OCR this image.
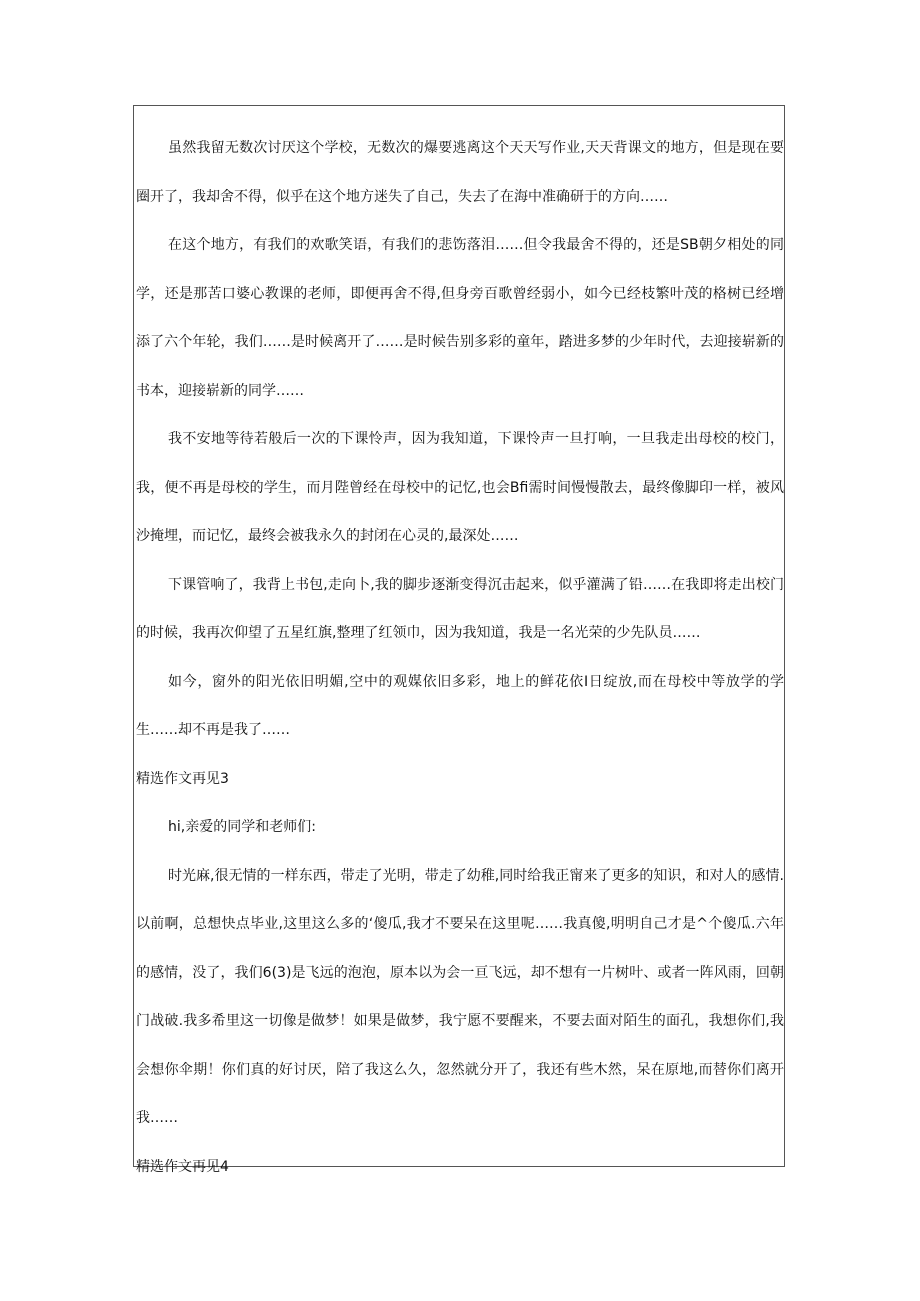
虽然我留无数次讨厌这个学校，无数次的爆要逃离这个天天写作业,天天背课文的地方，但是现在要圈开了，我却舍不得，似乎在这个地方迷失了自己，失去了在海中准确研于的方向……

在这个地方，有我们的欢歌笑语，有我们的悲饬落泪……但令我最舍不得的，还是SB朝夕相处的同学，还是那苦口婆心教课的老师，即便再舍不得,但身旁百歌曾经弱小，如今已经枝繁叶茂的格树已经增添了六个年轮，我们……是时候离开了……是时候告别多彩的童年，踏进多梦的少年时代，去迎接崭新的书本，迎接崭新的同学……

我不安地等待若般后一次的下课怜声，因为我知道，下课怜声一旦打响，一旦我走出母校的校门，我，便不再是母校的学生，而月陛曾经在母校中的记忆,也会Bfi需时间慢慢散去，最终像脚印一样，被风沙掩埋，而记忆，最终会被我永久的封闭在心灵的,最深处……

下课管响了，我背上书包,走向卜,我的脚步逐渐变得沉击起来，似乎灌满了铅……在我即将走出校门的时候，我再次仰望了五星红旗,整理了红领巾，因为我知道，我是一名光荣的少先队员……

如今，窗外的阳光依旧明媚,空中的观媒依旧多彩，地上的鲜花依I日绽放,而在母校中等放学的学生……却不再是我了……

精选作文再见3

hi,亲爱的同学和老师们:

时光麻,很无情的一样东西，带走了光明，带走了幼稚,同时给我正甯来了更多的知识，和对人的感情.以前啊，总想快点毕业,这里这么多的‘傻瓜,我才不要呆在这里呢……我真傻,明明自己才是^个傻瓜.六年的感情，没了，我们6(3)是飞远的泡泡，原本以为会一亘飞远，却不想有一片树叶、或者一阵风雨，回朝门战破.我多希里这一切像是做梦！如果是做梦，我宁愿不要醒来，不要去面对陌生的面孔，我想你们,我会想你伞期！你们真的好讨厌，陪了我这么久，忽然就分开了，我还有些木然，呆在原地,而替你们离开我……

精选作文再见4
